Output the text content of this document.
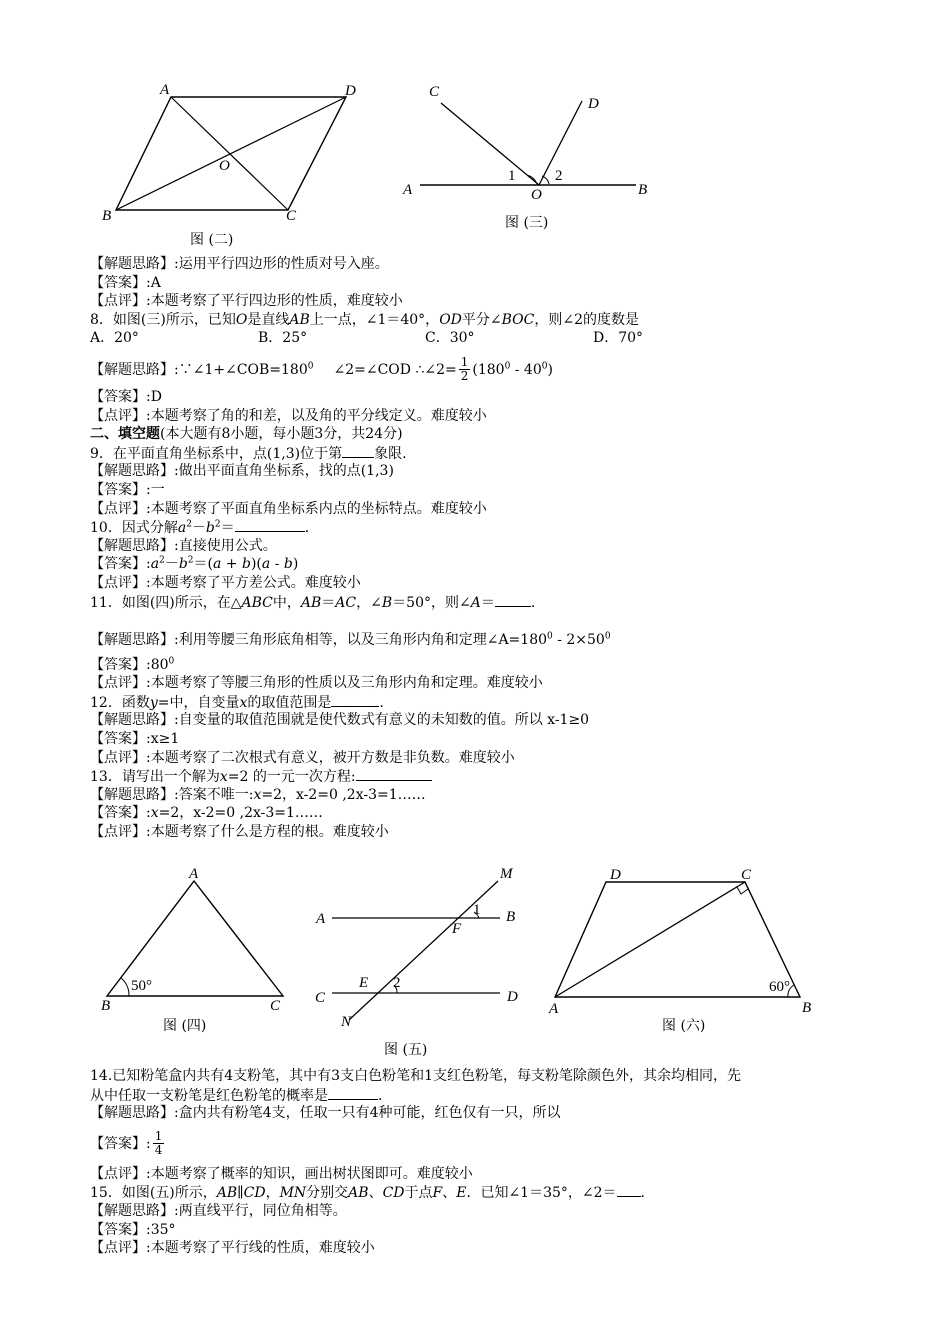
A	D
B	C
O
C
D
A	B
O
1	2
图 (二)
图 (三)
【解题思路】:运用平行四边形的性质对号入座。
【答案】:A
【点评】:本题考察了平行四边形的性质，难度较小
8．如图(三)所示，已知O是直线AB上一点，∠1＝40°，OD平分∠BOC，则∠2的度数是
A．20°	B．25°	C．30°	D．70°
【解题思路】$:\because\angle 1+\angle COB=180^0$ ∠2=∠COD ∴∠2= $\frac{1}{2} (180^0 - 40^0)$
【答案】:D
【点评】:本题考察了角的和差，以及角的平分线定义。难度较小
二、填空题(本大题有8小题，每小题3分，共24分)
9．在平面直角坐标系中，点(1,3)位于第 象限.
【解题思路】:做出平面直角坐标系，找的点(1,3)
【答案】:一
【点评】:本题考察了平面直角坐标系内点的坐标特点。难度较小
10．因式分解$a^2-b^2=$	.
【解题思路】:直接使用公式。
【答案】$:a^2-b^2=(a + b)(a - b)$
【点评】:本题考察了平方差公式。难度较小
11．如图(四)所示，在△ABC中，AB＝AC，∠B＝50°，则∠A＝	.
【解题思路】:利用等腰三角形底角相等，以及三角形内角和定理$\angle A=180^0 - 2\times 50^0$
【答案】$:80^0$
【点评】:本题考察了等腰三角形的性质以及三角形内角和定理。难度较小
12．函数y=中，自变量x的取值范围是	.
【解题思路】:自变量的取值范围就是使代数式有意义的未知数的值。所以 x-1≥0
【答案】:x≥1
【点评】:本题考察了二次根式有意义，被开方数是非负数。难度较小
13．请写出一个解为x=2 的一元一次方程:
【解题思路】:答案不唯一:x=2，x-2=0 ,2x-3=1……
【答案】:x=2，x-2=0 ,2x-3=1……
【点评】:本题考察了什么是方程的根。难度较小
A
B	C
50°
M
A	B
F
1
E 2
C	D
N
D	C
A	B
60°
图 (四)
图 (五)
图 (六)
14.已知粉笔盒内共有4支粉笔，其中有3支白色粉笔和1支红色粉笔，每支粉笔除颜色外，其余均相同，先
从中任取一支粉笔是红色粉笔的概率是	.
【解题思路】:盒内共有粉笔4支，任取一只有4种可能，红色仅有一只，所以
【答案】: $\frac{1}{4}$
【点评】:本题考察了概率的知识，画出树状图即可。难度较小
15．如图(五)所示，AB∥CD，MN分别交AB、CD于点F、E．已知∠1＝35°，∠2＝ .
【解题思路】:两直线平行，同位角相等。
【答案】:35°
【点评】:本题考察了平行线的性质，难度较小
